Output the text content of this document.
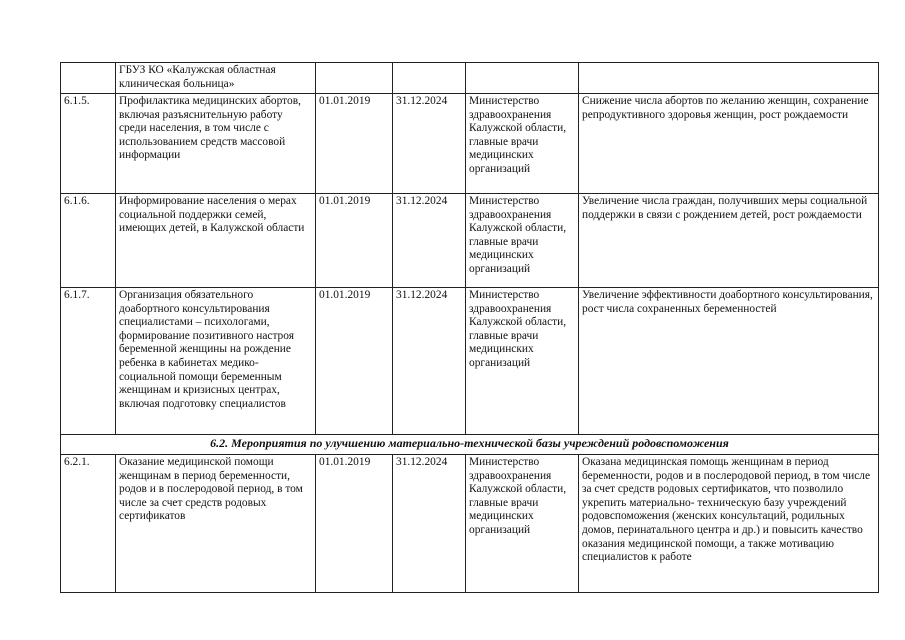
	ГБУЗ КО «Калужская областная клиническая больница»				
6.1.5.	Профилактика медицинских абортов, включая разъяснительную работу среди населения, в том числе с использованием средств массовой информации	01.01.2019	31.12.2024	Министерство здравоохранения Калужской области, главные врачи медицинских организаций	Снижение числа абортов по желанию женщин, сохранение репродуктивного здоровья женщин, рост рождаемости
6.1.6.	Информирование населения о мерах социальной поддержки семей, имеющих детей, в Калужской области	01.01.2019	31.12.2024	Министерство здравоохранения Калужской области, главные врачи медицинских организаций	Увеличение числа граждан, получивших меры социальной поддержки в связи с рождением детей, рост рождаемости
6.1.7.	Организация обязательного доабортного консультирования специалистами – психологами, формирование позитивного настроя беременной женщины на рождение ребенка в кабинетах медико-социальной помощи беременным женщинам и кризисных центрах, включая подготовку специалистов	01.01.2019	31.12.2024	Министерство здравоохранения Калужской области, главные врачи медицинских организаций	Увеличение эффективности доабортного консультирования, рост числа сохраненных беременностей
6.2. Мероприятия по улучшению материально-технической базы учреждений родовспоможения					
6.2.1.	Оказание медицинской помощи женщинам в период беременности, родов и в послеродовой период, в том числе за счет средств родовых сертификатов	01.01.2019	31.12.2024	Министерство здравоохранения Калужской области, главные врачи медицинских организаций	Оказана медицинская помощь женщинам в период беременности, родов и в послеродовой период, в том числе за счет средств родовых сертификатов, что позволило укрепить материально- техническую базу учреждений родовспоможения (женских консультаций, родильных домов, перинатального центра и др.) и повысить качество оказания медицинской помощи, а также мотивацию специалистов к работе
